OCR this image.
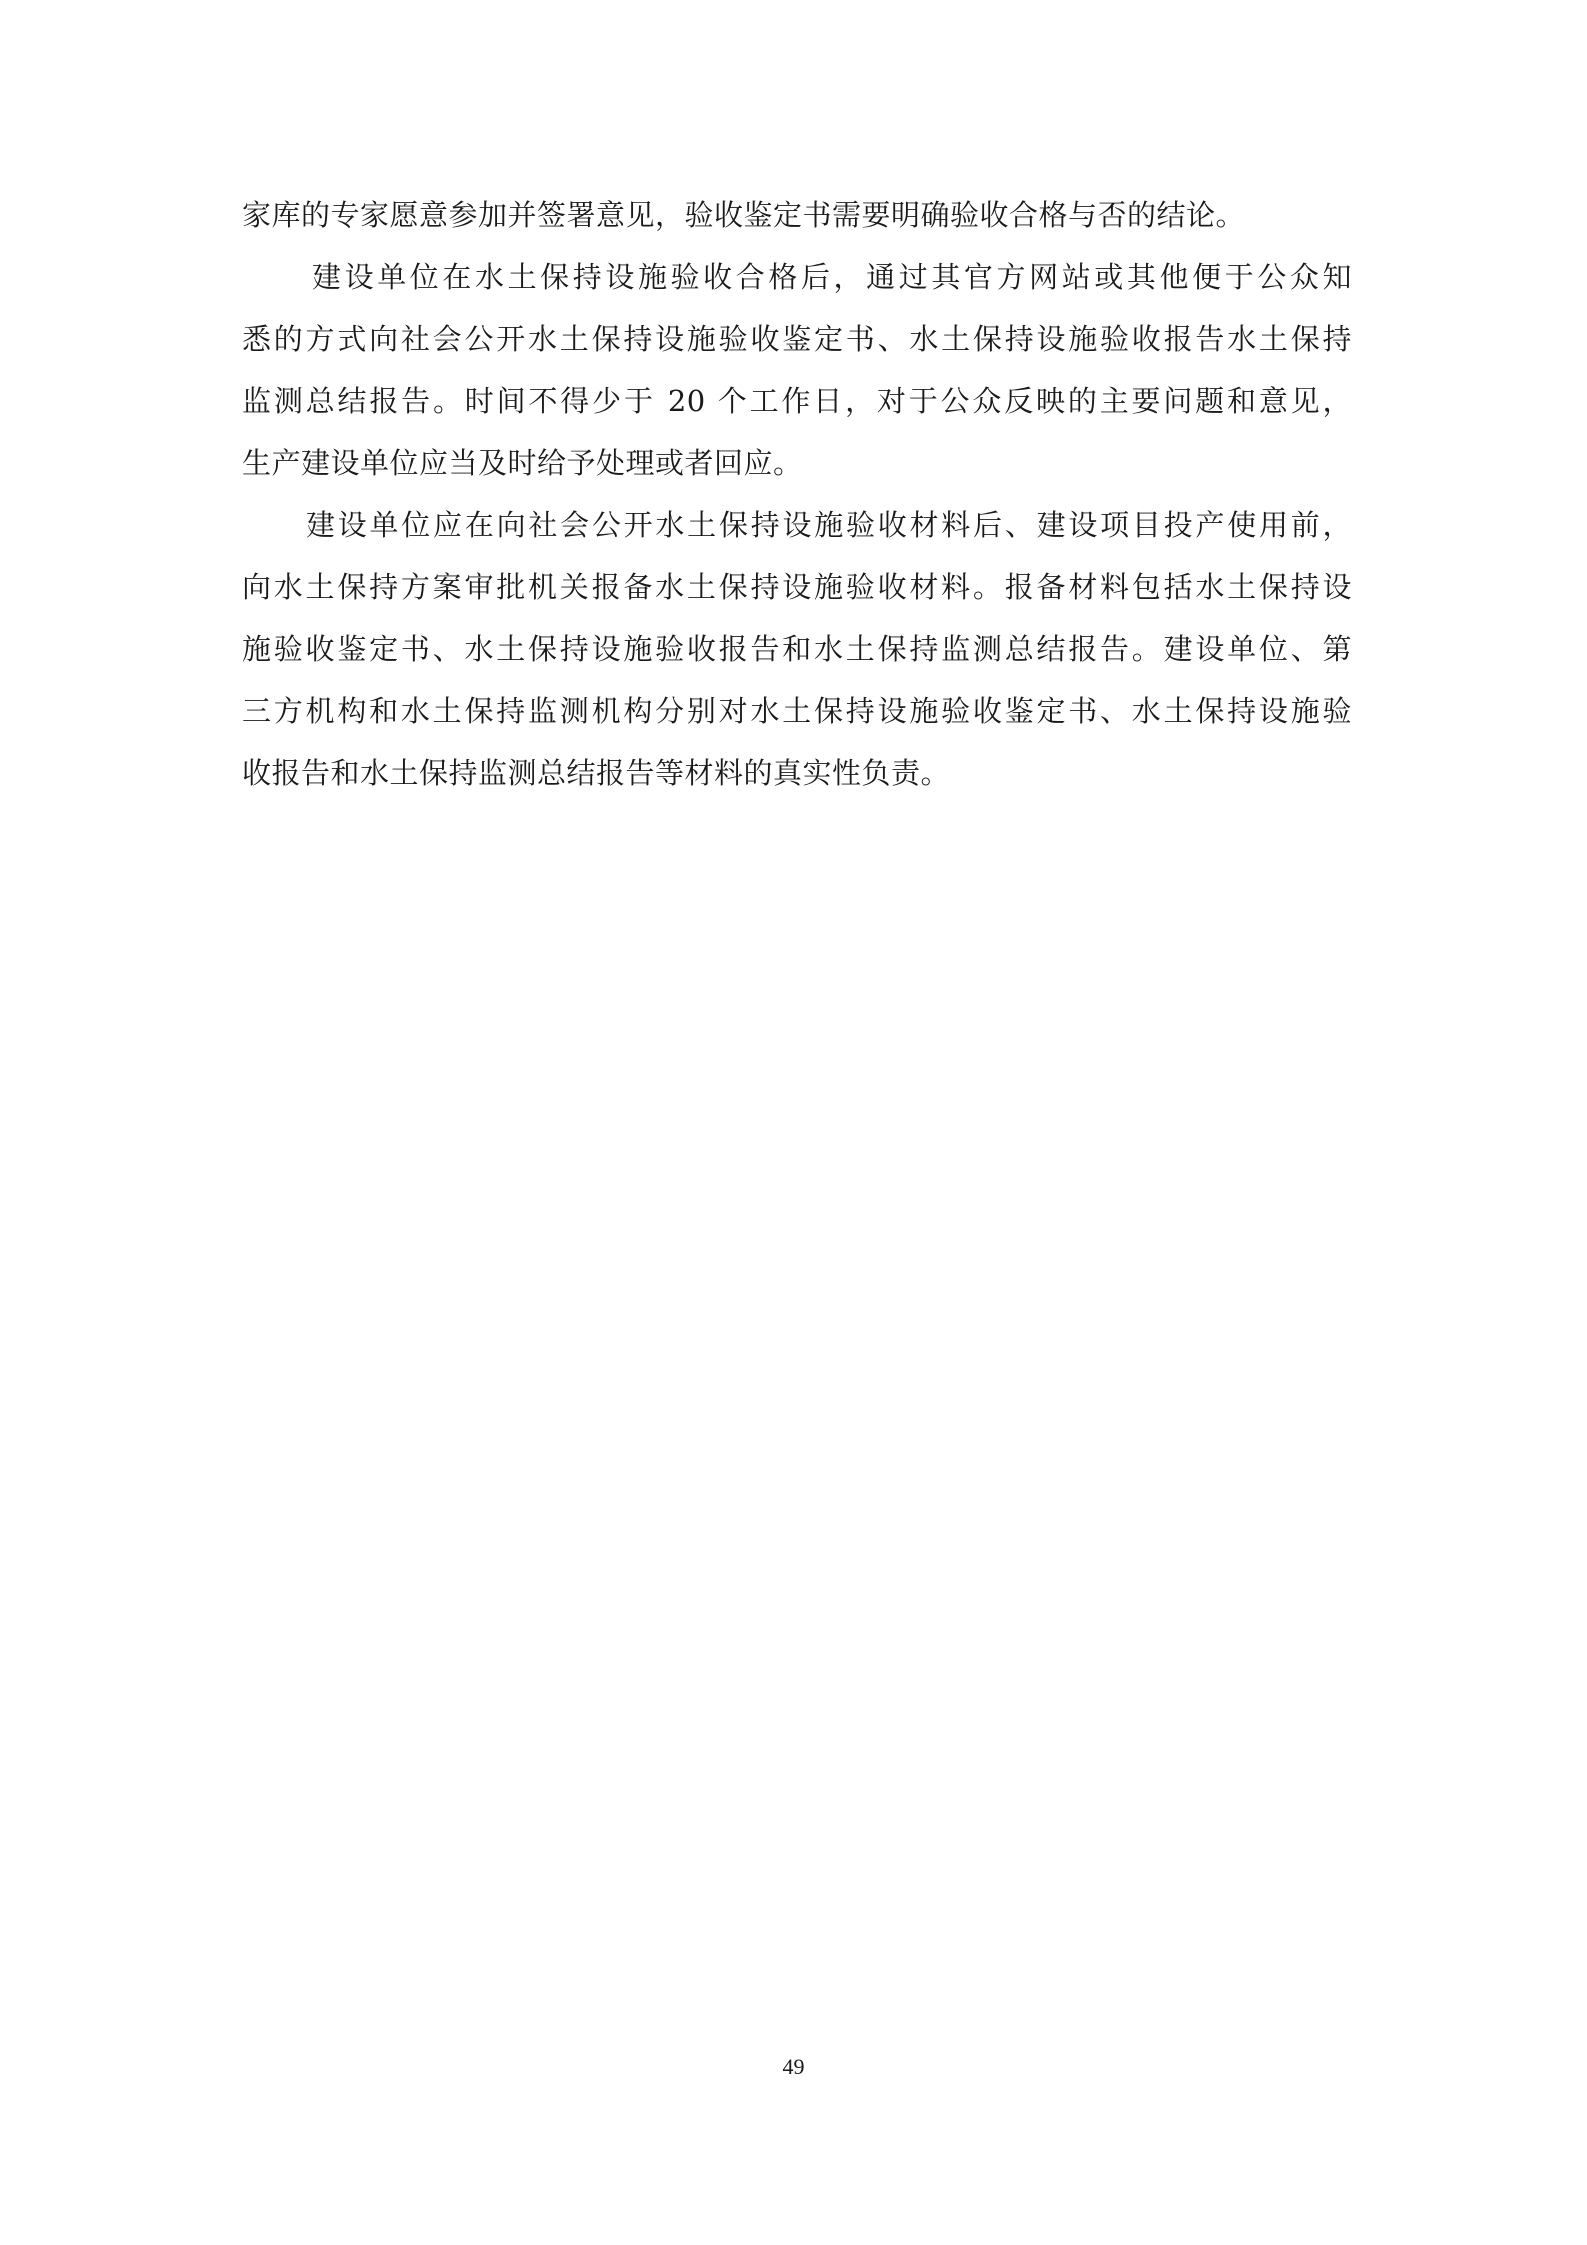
家库的专家愿意参加并签署意见，验收鉴定书需要明确验收合格与否的结论。
建设单位在水土保持设施验收合格后，通过其官方网站或其他便于公众知
悉的方式向社会公开水土保持设施验收鉴定书、水土保持设施验收报告水土保持
监测总结报告。时间不得少于 20 个工作日，对于公众反映的主要问题和意见，
生产建设单位应当及时给予处理或者回应。
建设单位应在向社会公开水土保持设施验收材料后、建设项目投产使用前，
向水土保持方案审批机关报备水土保持设施验收材料。报备材料包括水土保持设
施验收鉴定书、水土保持设施验收报告和水土保持监测总结报告。建设单位、第
三方机构和水土保持监测机构分别对水土保持设施验收鉴定书、水土保持设施验
收报告和水土保持监测总结报告等材料的真实性负责。
49
